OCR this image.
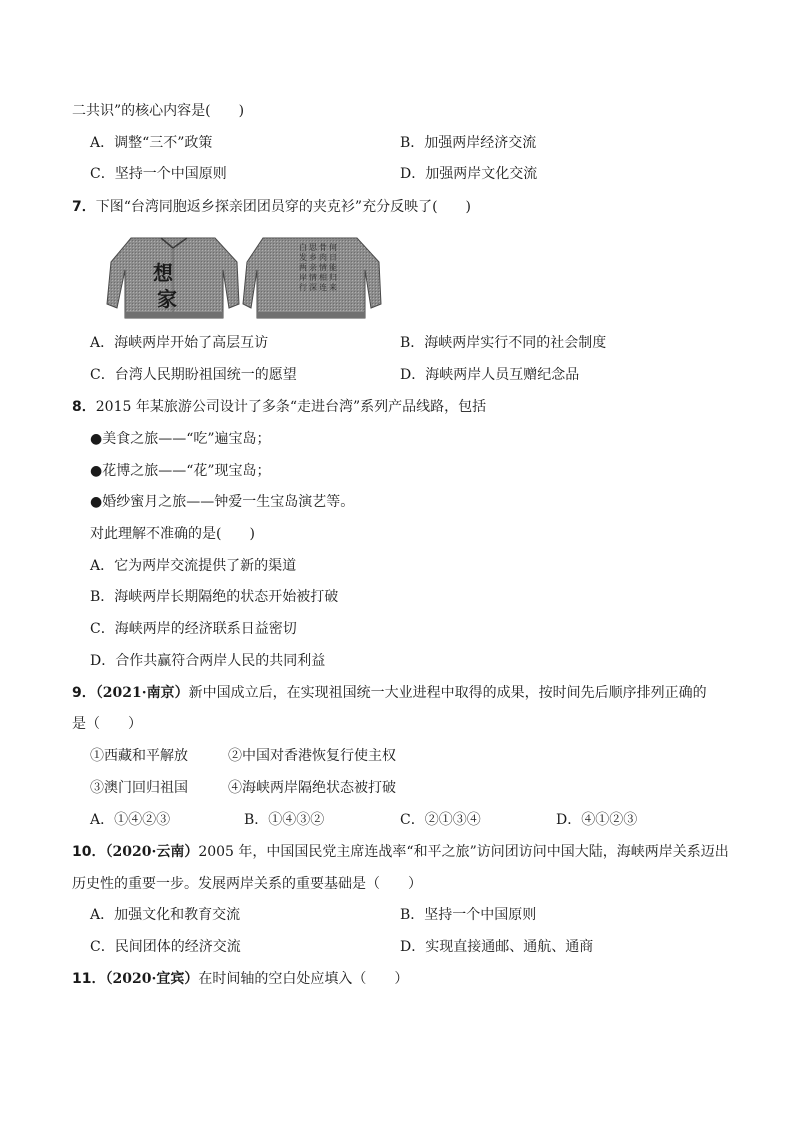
二共识”的核心内容是(　　)
A．调整“三不”政策	B．加强两岸经济交流
C．坚持一个中国原则	D．加强两岸文化交流
7．下图“台湾同胞返乡探亲团团员穿的夹克衫”充分反映了(　　)
想
家
白
发
两
岸
行
思
乡
亲
情
深
骨
肉
情
相
连
何
日
能
归
来
A．海峡两岸开始了高层互访	B．海峡两岸实行不同的社会制度
C．台湾人民期盼祖国统一的愿望	D．海峡两岸人员互赠纪念品
8．2015 年某旅游公司设计了多条“走进台湾”系列产品线路，包括
●美食之旅——“吃”遍宝岛；
●花博之旅——“花”现宝岛；
●婚纱蜜月之旅——钟爱一生宝岛演艺等。
对此理解不准确的是(　　)
A．它为两岸交流提供了新的渠道
B．海峡两岸长期隔绝的状态开始被打破
C．海峡两岸的经济联系日益密切
D．合作共赢符合两岸人民的共同利益
9．（2021·南京）新中国成立后，在实现祖国统一大业进程中取得的成果，按时间先后顺序排列正确的
是（　　）
①西藏和平解放	②中国对香港恢复行使主权
③澳门回归祖国	④海峡两岸隔绝状态被打破
A．①④②③	B．①④③②	C．②①③④	D．④①②③
10．（2020·云南）2005 年，中国国民党主席连战率“和平之旅”访问团访问中国大陆，海峡两岸关系迈出
历史性的重要一步。发展两岸关系的重要基础是（　　）
A．加强文化和教育交流	B．坚持一个中国原则
C．民间团体的经济交流	D．实现直接通邮、通航、通商
11．（2020·宜宾）在时间轴的空白处应填入（　　）
